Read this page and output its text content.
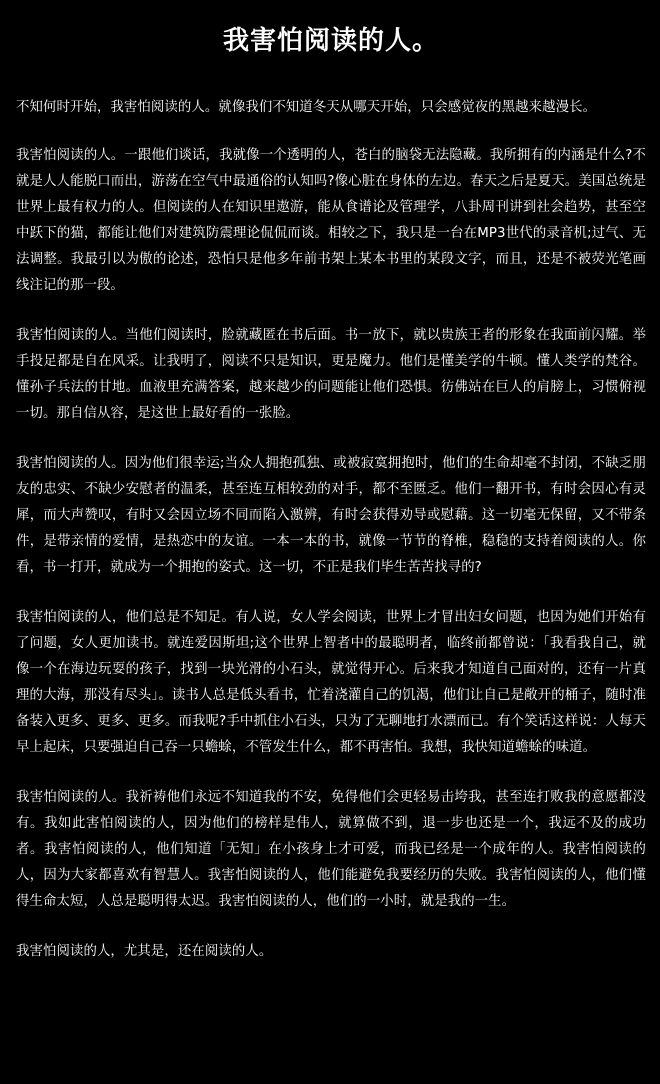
我害怕阅读的人。

不知何时开始，我害怕阅读的人。就像我们不知道冬天从哪天开始，只会感觉夜的黑越来越漫长。

我害怕阅读的人。一跟他们谈话，我就像一个透明的人，苍白的脑袋无法隐藏。我所拥有的内涵是什么?不就是人人能脱口而出，游荡在空气中最通俗的认知吗?像心脏在身体的左边。春天之后是夏天。美国总统是世界上最有权力的人。但阅读的人在知识里遨游，能从食谱论及管理学，八卦周刊讲到社会趋势，甚至空中跃下的猫，都能让他们对建筑防震理论侃侃而谈。相较之下，我只是一台在MP3世代的录音机;过气、无法调整。我最引以为傲的论述，恐怕只是他多年前书架上某本书里的某段文字，而且，还是不被荧光笔画线注记的那一段。

我害怕阅读的人。当他们阅读时，脸就藏匿在书后面。书一放下，就以贵族王者的形象在我面前闪耀。举手投足都是自在风采。让我明了，阅读不只是知识，更是魔力。他们是懂美学的牛顿。懂人类学的梵谷。懂孙子兵法的甘地。血液里充满答案，越来越少的问题能让他们恐惧。彷佛站在巨人的肩膀上，习惯俯视一切。那自信从容，是这世上最好看的一张脸。

我害怕阅读的人。因为他们很幸运;当众人拥抱孤独、或被寂寞拥抱时，他们的生命却毫不封闭，不缺乏朋友的忠实、不缺少安慰者的温柔，甚至连互相较劲的对手，都不至匮乏。他们一翻开书，有时会因心有灵犀，而大声赞叹，有时又会因立场不同而陷入激辨，有时会获得劝导或慰藉。这一切毫无保留，又不带条件，是带亲情的爱情，是热恋中的友谊。一本一本的书，就像一节节的脊椎，稳稳的支持着阅读的人。你看，书一打开，就成为一个拥抱的姿式。这一切，不正是我们毕生苦苦找寻的?

我害怕阅读的人，他们总是不知足。有人说，女人学会阅读，世界上才冒出妇女问题，也因为她们开始有了问题，女人更加读书。就连爱因斯坦;这个世界上智者中的最聪明者，临终前都曾说：「我看我自己，就像一个在海边玩耍的孩子，找到一块光滑的小石头，就觉得开心。后来我才知道自己面对的，还有一片真理的大海，那没有尽头」。读书人总是低头看书，忙着浇灌自己的饥渴，他们让自己是敞开的桶子，随时准备装入更多、更多、更多。而我呢?手中抓住小石头，只为了无聊地打水漂而已。有个笑话这样说：人每天早上起床，只要强迫自己吞一只蟾蜍，不管发生什么，都不再害怕。我想，我快知道蟾蜍的味道。

我害怕阅读的人。我祈祷他们永远不知道我的不安，免得他们会更轻易击垮我，甚至连打败我的意愿都没有。我如此害怕阅读的人，因为他们的榜样是伟人，就算做不到，退一步也还是一个，我远不及的成功者。我害怕阅读的人，他们知道「无知」在小孩身上才可爱，而我已经是一个成年的人。我害怕阅读的人，因为大家都喜欢有智慧人。我害怕阅读的人，他们能避免我要经历的失败。我害怕阅读的人，他们懂得生命太短，人总是聪明得太迟。我害怕阅读的人，他们的一小时，就是我的一生。

我害怕阅读的人，尤其是，还在阅读的人。
